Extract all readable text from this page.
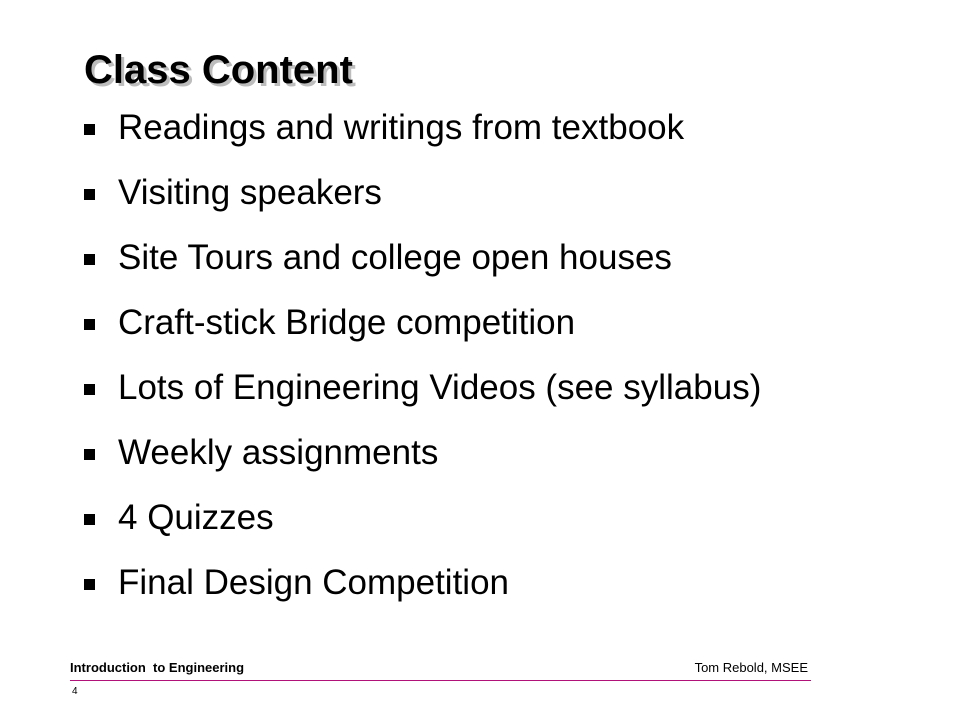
Class Content
Readings and writings from textbook
Visiting speakers
Site Tours and college open houses
Craft-stick Bridge competition
Lots of Engineering Videos (see syllabus)
Weekly assignments
4 Quizzes
Final Design Competition
Introduction  to Engineering	Tom Rebold, MSEE
4
